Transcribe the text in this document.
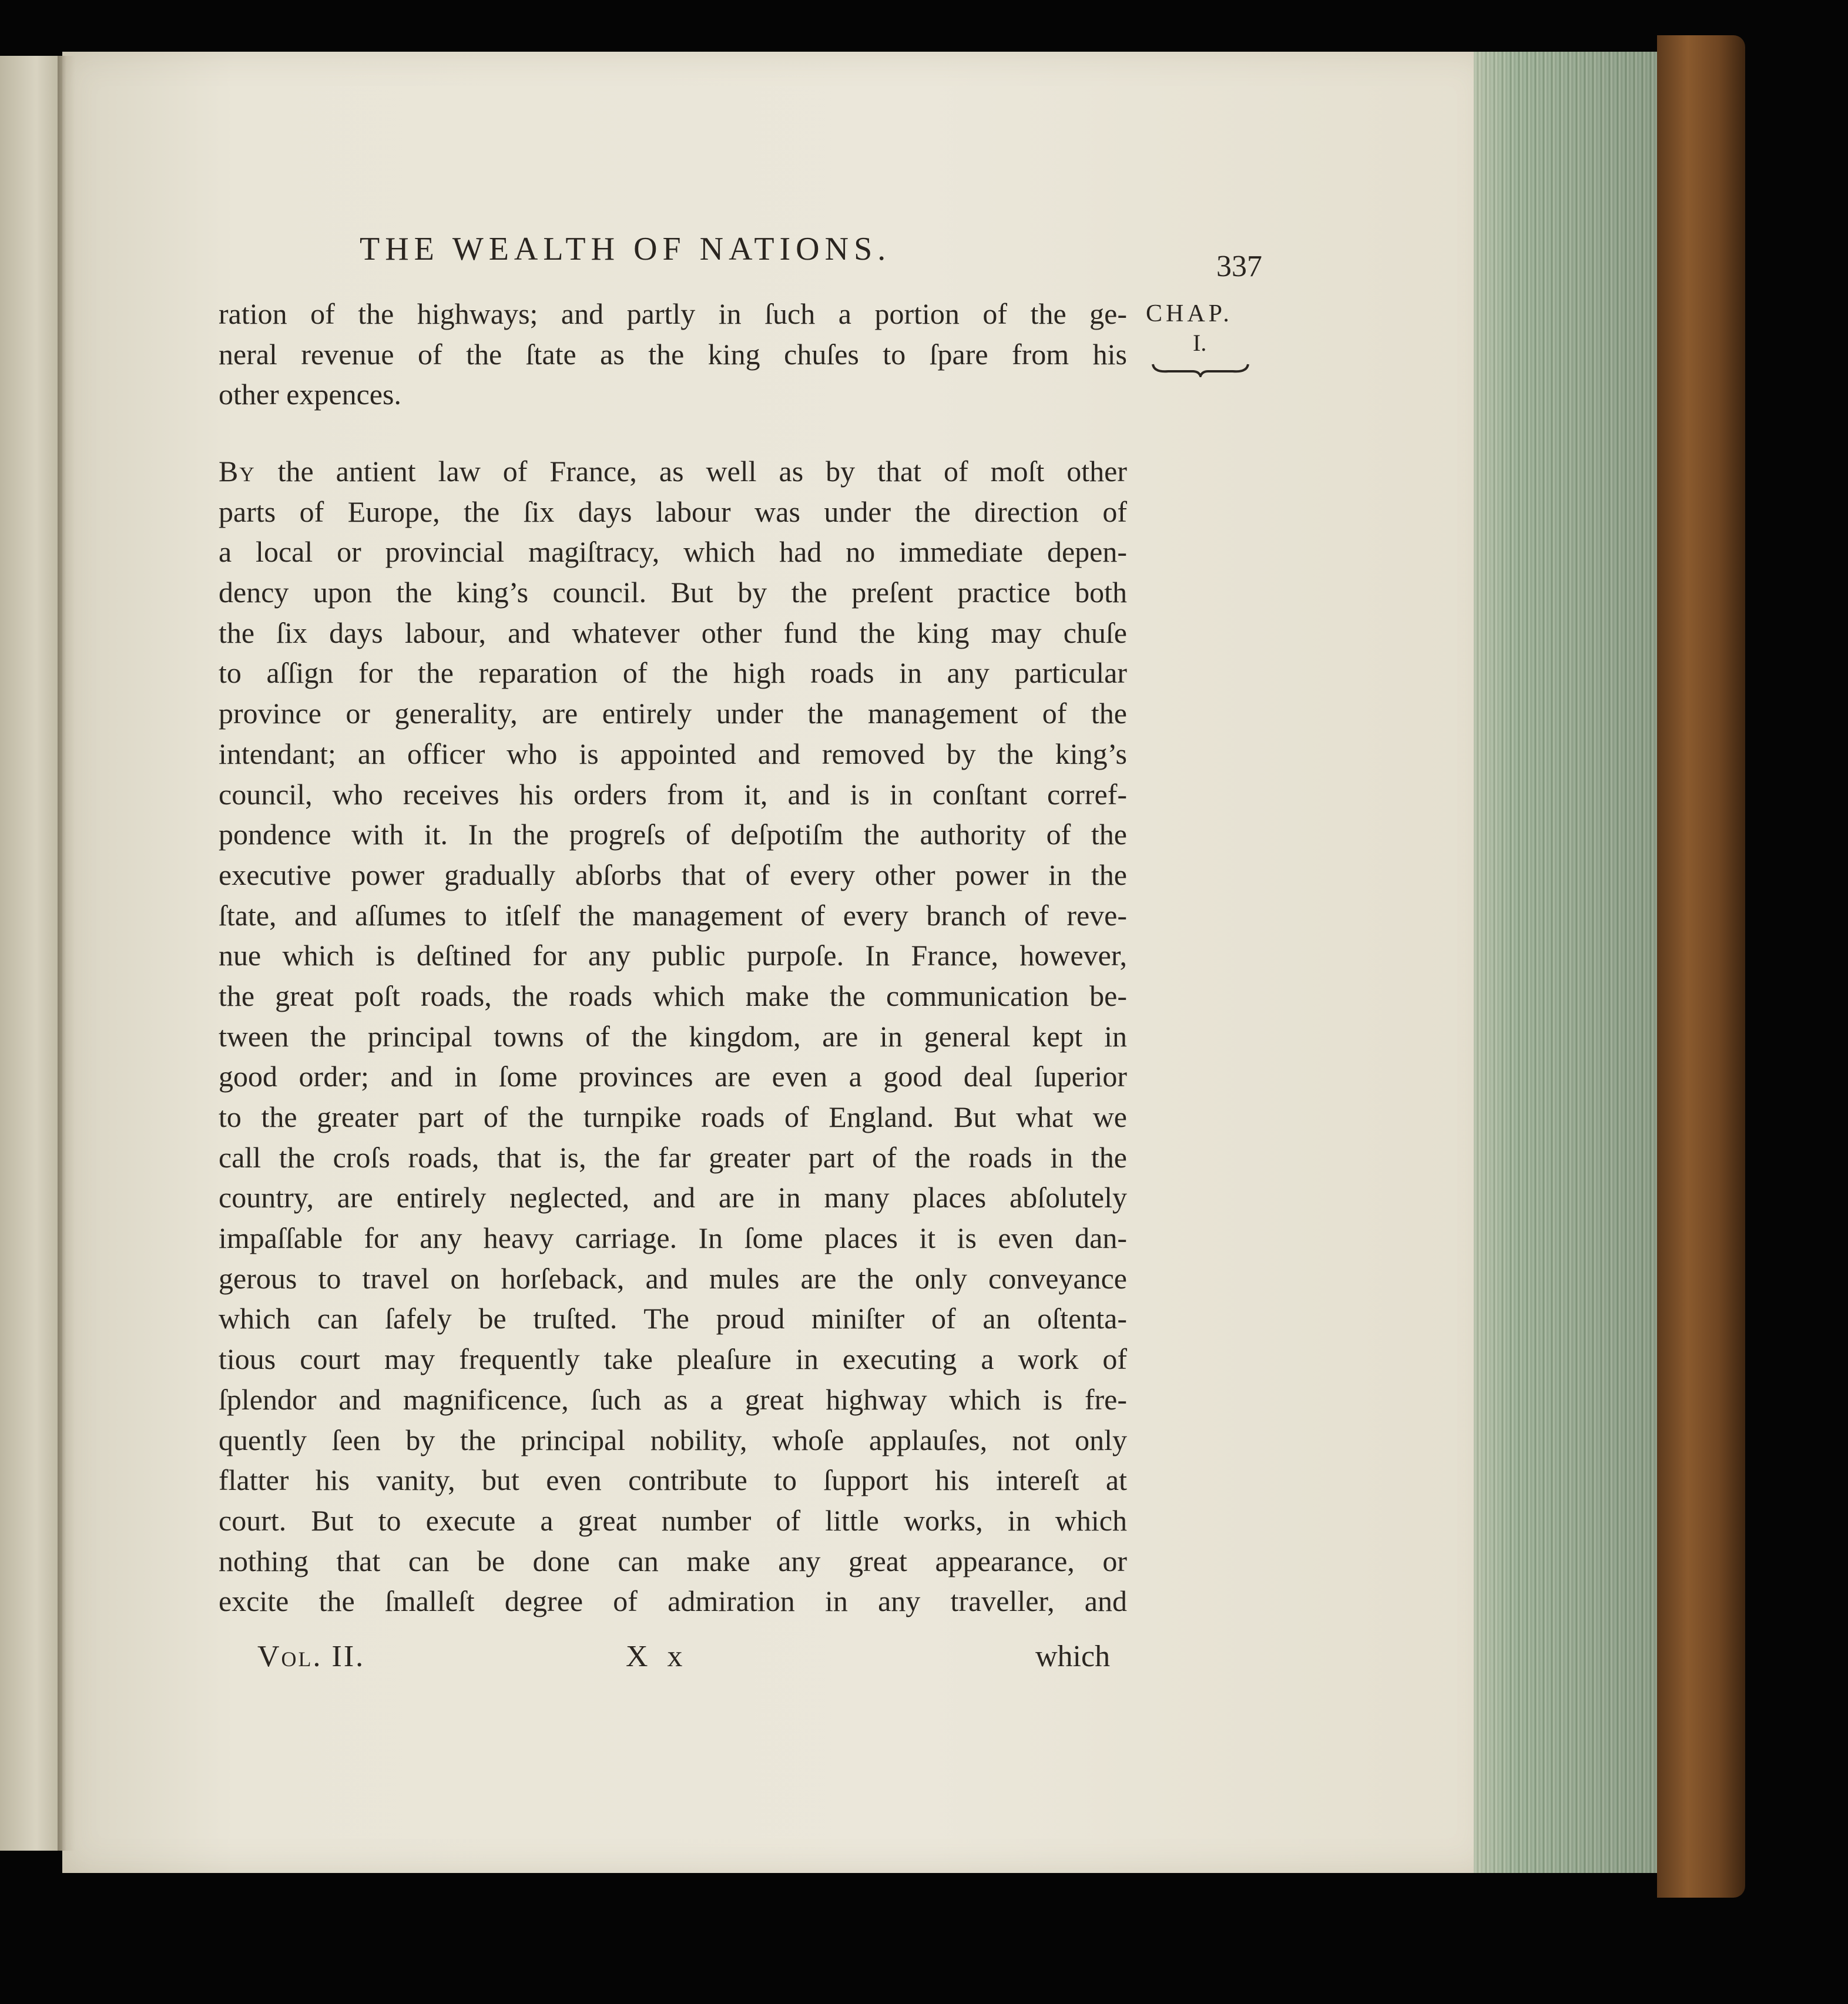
THE WEALTH OF NATIONS.	337
CHAP.
I.
ration of the highways; and partly in ſuch a portion of the ge-
neral revenue of the ſtate as the king chuſes to ſpare from his
other expences.
By the antient law of France, as well as by that of moſt other
parts of Europe, the ſix days labour was under the direction of
a local or provincial magiſtracy, which had no immediate depen-
dency upon the king’s council. But by the preſent practice both
the ſix days labour, and whatever other fund the king may chuſe
to aſſign for the reparation of the high roads in any particular
province or generality, are entirely under the management of the
intendant; an officer who is appointed and removed by the king’s
council, who receives his orders from it, and is in conſtant corref-
pondence with it. In the progreſs of deſpotiſm the authority of the
executive power gradually abſorbs that of every other power in the
ſtate, and aſſumes to itſelf the management of every branch of reve-
nue which is deſtined for any public purpoſe. In France, however,
the great poſt roads, the roads which make the communication be-
tween the principal towns of the kingdom, are in general kept in
good order; and in ſome provinces are even a good deal ſuperior
to the greater part of the turnpike roads of England. But what we
call the croſs roads, that is, the far greater part of the roads in the
country, are entirely neglected, and are in many places abſolutely
impaſſable for any heavy carriage. In ſome places it is even dan-
gerous to travel on horſeback, and mules are the only conveyance
which can ſafely be truſted. The proud miniſter of an oſtenta-
tious court may frequently take pleaſure in executing a work of
ſplendor and magnificence, ſuch as a great highway which is fre-
quently ſeen by the principal nobility, whoſe applauſes, not only
flatter his vanity, but even contribute to ſupport his intereſt at
court. But to execute a great number of little works, in which
nothing that can be done can make any great appearance, or
excite the ſmalleſt degree of admiration in any traveller, and
Vol. II.	X x	which
